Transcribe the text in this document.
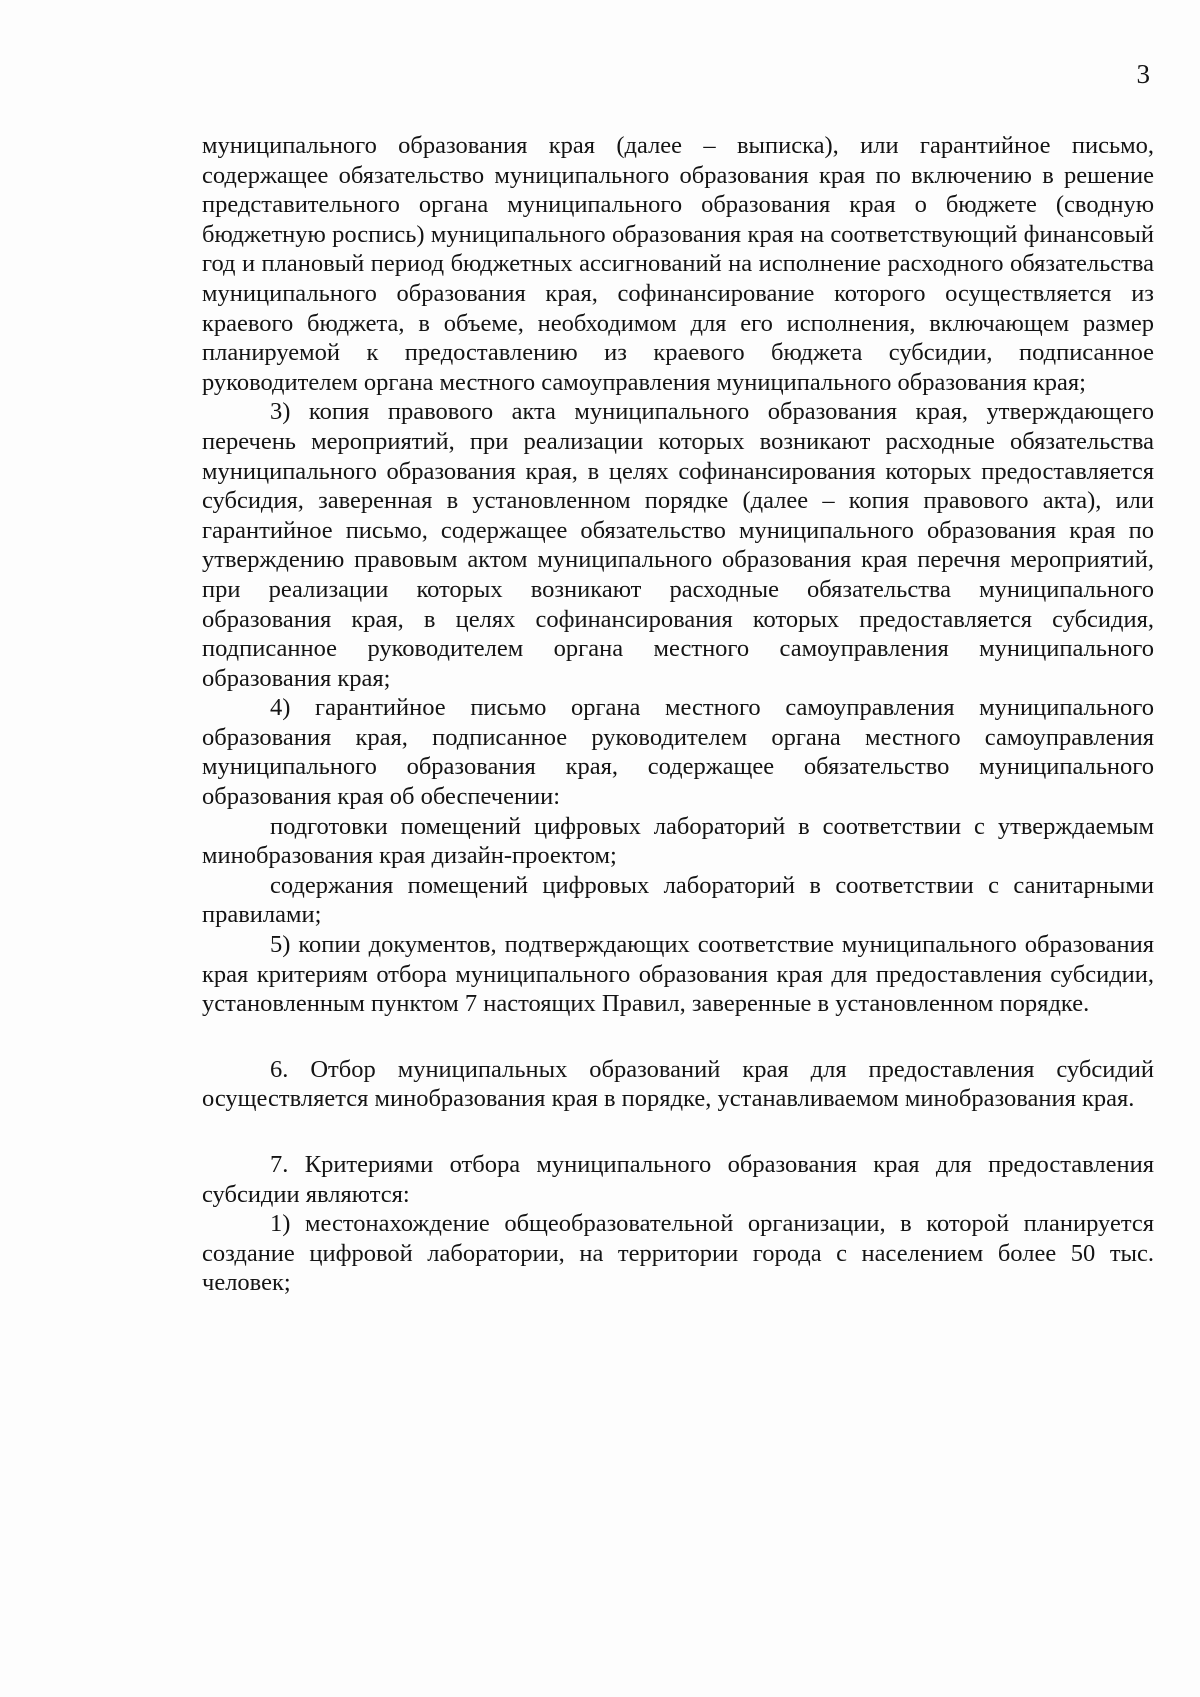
3

муниципального образования края (далее – выписка), или гарантийное письмо, содержащее обязательство муниципального образования края по включению в решение представительного органа муниципального образования края о бюджете (сводную бюджетную роспись) муниципального образования края на соответствующий финансовый год и плановый период бюджетных ассигнований на исполнение расходного обязательства муниципального образования края, софинансирование которого осуществляется из краевого бюджета, в объеме, необходимом для его исполнения, включающем размер планируемой к предоставлению из краевого бюджета субсидии, подписанное руководителем органа местного самоуправления муниципального образования края;

3) копия правового акта муниципального образования края, утверждающего перечень мероприятий, при реализации которых возникают расходные обязательства муниципального образования края, в целях софинансирования которых предоставляется субсидия, заверенная в установленном порядке (далее – копия правового акта), или гарантийное письмо, содержащее обязательство муниципального образования края по утверждению правовым актом муниципального образования края перечня мероприятий, при реализации которых возникают расходные обязательства муниципального образования края, в целях софинансирования которых предоставляется субсидия, подписанное руководителем органа местного самоуправления муниципального образования края;

4) гарантийное письмо органа местного самоуправления муниципального образования края, подписанное руководителем органа местного самоуправления муниципального образования края, содержащее обязательство муниципального образования края об обеспечении:

подготовки помещений цифровых лабораторий в соответствии с утверждаемым минобразования края дизайн-проектом;

содержания помещений цифровых лабораторий в соответствии с санитарными правилами;

5) копии документов, подтверждающих соответствие муниципального образования края критериям отбора муниципального образования края для предоставления субсидии, установленным пунктом 7 настоящих Правил, заверенные в установленном порядке.

6. Отбор муниципальных образований края для предоставления субсидий осуществляется минобразования края в порядке, устанавливаемом минобразования края.

7. Критериями отбора муниципального образования края для предоставления субсидии являются:

1) местонахождение общеобразовательной организации, в которой планируется создание цифровой лаборатории, на территории города с населением более 50 тыс. человек;
